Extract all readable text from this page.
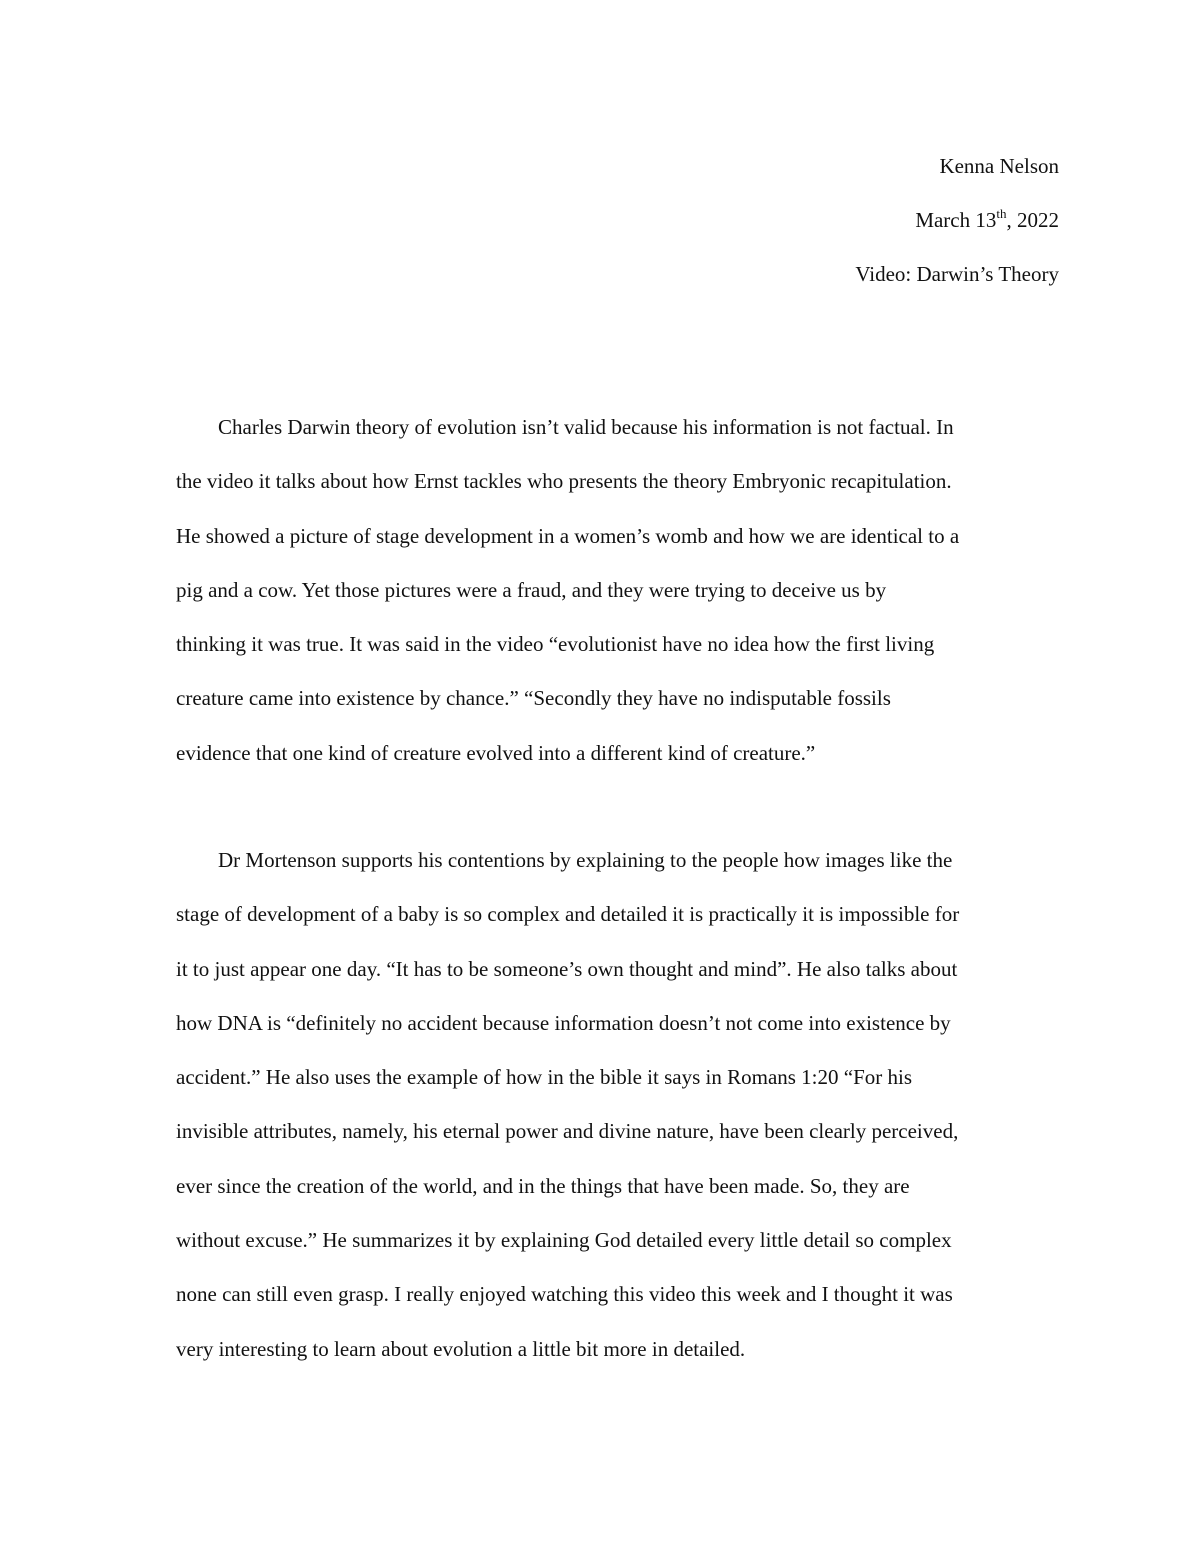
Kenna Nelson
March 13th, 2022
Video: Darwin’s Theory
Charles Darwin theory of evolution isn’t valid because his information is not factual. In
the video it talks about how Ernst tackles who presents the theory Embryonic recapitulation.
He showed a picture of stage development in a women’s womb and how we are identical to a
pig and a cow. Yet those pictures were a fraud, and they were trying to deceive us by
thinking it was true. It was said in the video “evolutionist have no idea how the first living
creature came into existence by chance.” “Secondly they have no indisputable fossils
evidence that one kind of creature evolved into a different kind of creature.”
Dr Mortenson supports his contentions by explaining to the people how images like the
stage of development of a baby is so complex and detailed it is practically it is impossible for
it to just appear one day. “It has to be someone’s own thought and mind”. He also talks about
how DNA is “definitely no accident because information doesn’t not come into existence by
accident.” He also uses the example of how in the bible it says in Romans 1:20 “For his
invisible attributes, namely, his eternal power and divine nature, have been clearly perceived,
ever since the creation of the world, and in the things that have been made. So, they are
without excuse.” He summarizes it by explaining God detailed every little detail so complex
none can still even grasp. I really enjoyed watching this video this week and I thought it was
very interesting to learn about evolution a little bit more in detailed.
